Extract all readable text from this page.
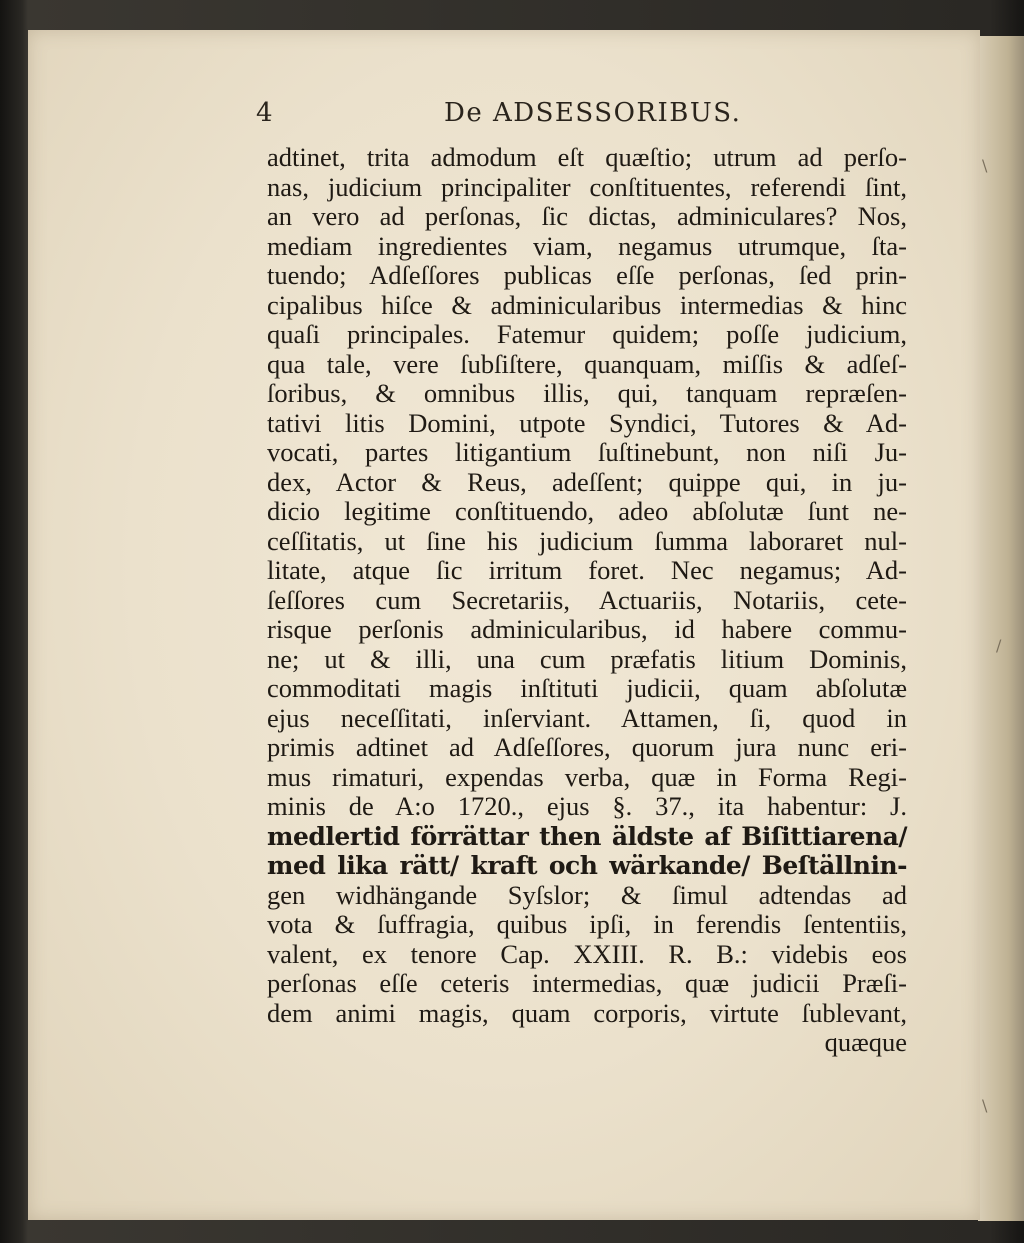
\
/
\
4	De ADSESSORIBUS.
adtinet, trita admodum eſt quæſtio; utrum ad perſo-
nas, judicium principaliter conſtituentes, referendi ſint,
an vero ad perſonas, ſic dictas, adminiculares? Nos,
mediam ingredientes viam, negamus utrumque, ſta-
tuendo; Adſeſſores publicas eſſe perſonas, ſed prin-
cipalibus hiſce & adminicularibus intermedias & hinc
quaſi principales. Fatemur quidem; poſſe judicium,
qua tale, vere ſubſiſtere, quanquam, miſſis & adſeſ-
ſoribus, & omnibus illis, qui, tanquam repræſen-
tativi litis Domini, utpote Syndici, Tutores & Ad-
vocati, partes litigantium ſuſtinebunt, non niſi Ju-
dex, Actor & Reus, adeſſent; quippe qui, in ju-
dicio legitime conſtituendo, adeo abſolutæ ſunt ne-
ceſſitatis, ut ſine his judicium ſumma laboraret nul-
litate, atque ſic irritum foret. Nec negamus; Ad-
ſeſſores cum Secretariis, Actuariis, Notariis, cete-
risque perſonis adminicularibus, id habere commu-
ne; ut & illi, una cum præfatis litium Dominis,
commoditati magis inſtituti judicii, quam abſolutæ
ejus neceſſitati, inſerviant. Attamen, ſi, quod in
primis adtinet ad Adſeſſores, quorum jura nunc eri-
mus rimaturi, expendas verba, quæ in Forma Regi-
minis de A:o 1720., ejus §. 37., ita habentur: J.
medlertid förrättar then äldste af Biſittiarena/
med lika rätt/ kraft och wärkande/ Beſtällnin-
gen widhängande Syſslor; & ſimul adtendas ad
vota & ſuffragia, quibus ipſi, in ferendis ſententiis,
valent, ex tenore Cap. XXIII. R. B.: videbis eos
perſonas eſſe ceteris intermedias, quæ judicii Præſi-
dem animi magis, quam corporis, virtute ſublevant,
quæque
